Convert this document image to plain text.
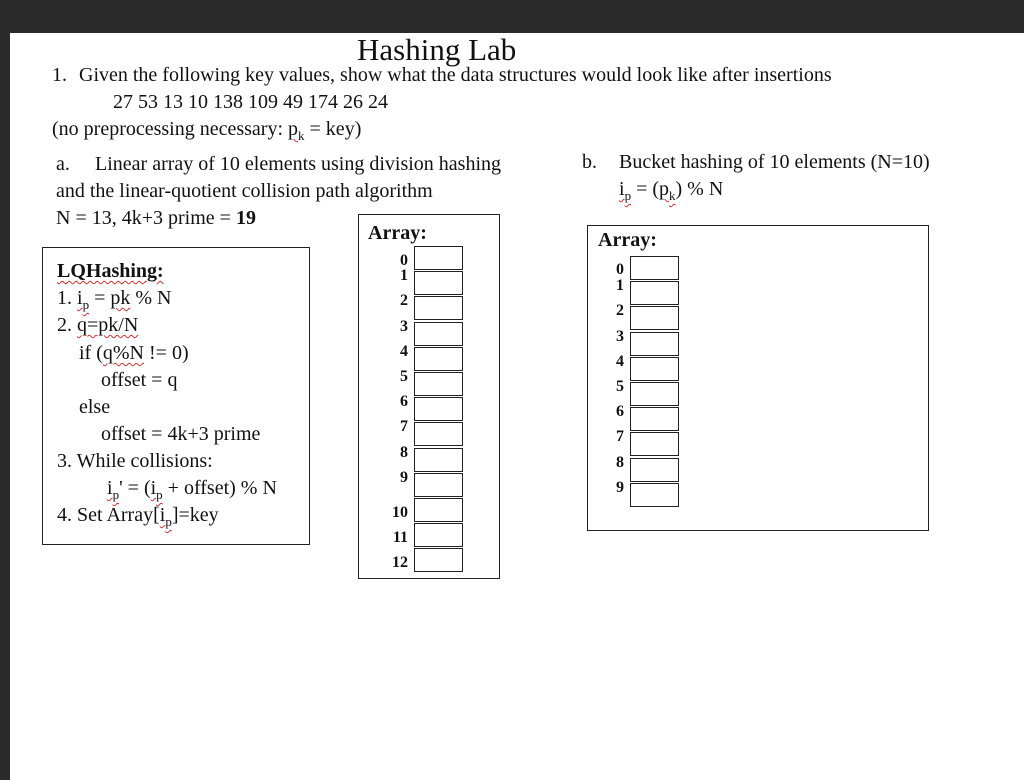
Hashing Lab
1. Given the following key values, show what the data structures would look like after insertions
27 53 13 10 138 109 49 174 26 24
(no preprocessing necessary: $p_k = key$)
a. Linear array of 10 elements using division hashing
and the linear-quotient collision path algorithm
N = 13, 4k+3 prime = 19
b. Bucket hashing of 10 elements (N=10)
$i_p = (p_k)$ % N
LQHashing:
1. $i_p$ = pk % N
2. q=pk/N
if (q%N != 0)
offset = q
else
offset = 4k+3 prime
3. While collisions:
$i_p' = (i_p$ + offset) % N
4. Set $Array[i_p]=key$
Array:
0
1
2
3
4
5
6
7
8
9
10
11
12
Array:
0
1
2
3
4
5
6
7
8
9
